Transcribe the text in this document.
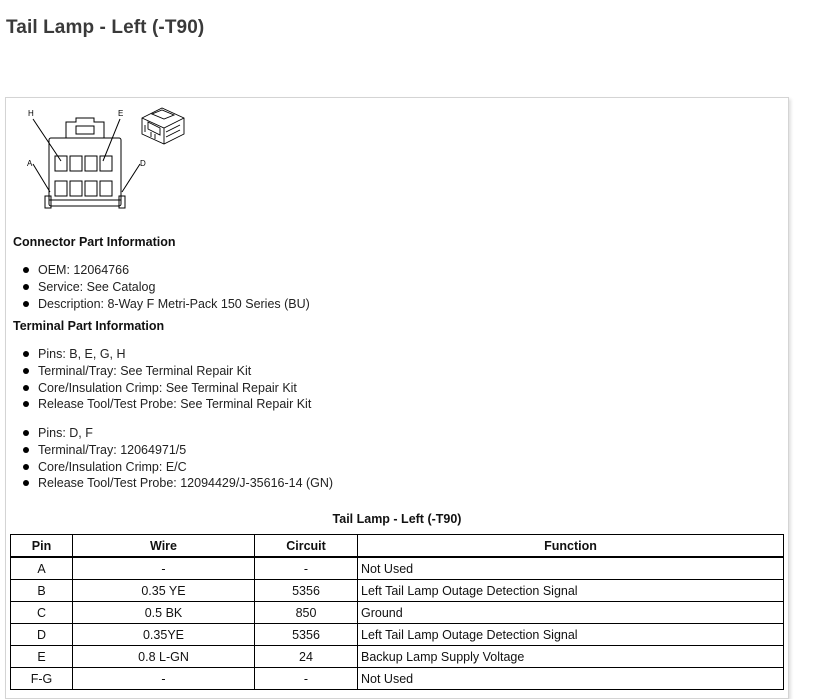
Tail Lamp - Left (-T90)
H	E
A	D
Connector Part Information
OEM: 12064766
Service: See Catalog
Description: 8-Way F Metri-Pack 150 Series (BU)
Terminal Part Information
Pins: B, E, G, H
Terminal/Tray: See Terminal Repair Kit
Core/Insulation Crimp: See Terminal Repair Kit
Release Tool/Test Probe: See Terminal Repair Kit
Pins: D, F
Terminal/Tray: 12064971/5
Core/Insulation Crimp: E/C
Release Tool/Test Probe: 12094429/J-35616-14 (GN)
Tail Lamp - Left (-T90)
Pin	Wire	Circuit	Function
A	-	-	Not Used
B	0.35 YE	5356	Left Tail Lamp Outage Detection Signal
C	0.5 BK	850	Ground
D	0.35YE	5356	Left Tail Lamp Outage Detection Signal
E	0.8 L-GN	24	Backup Lamp Supply Voltage
F-G	-	-	Not Used
